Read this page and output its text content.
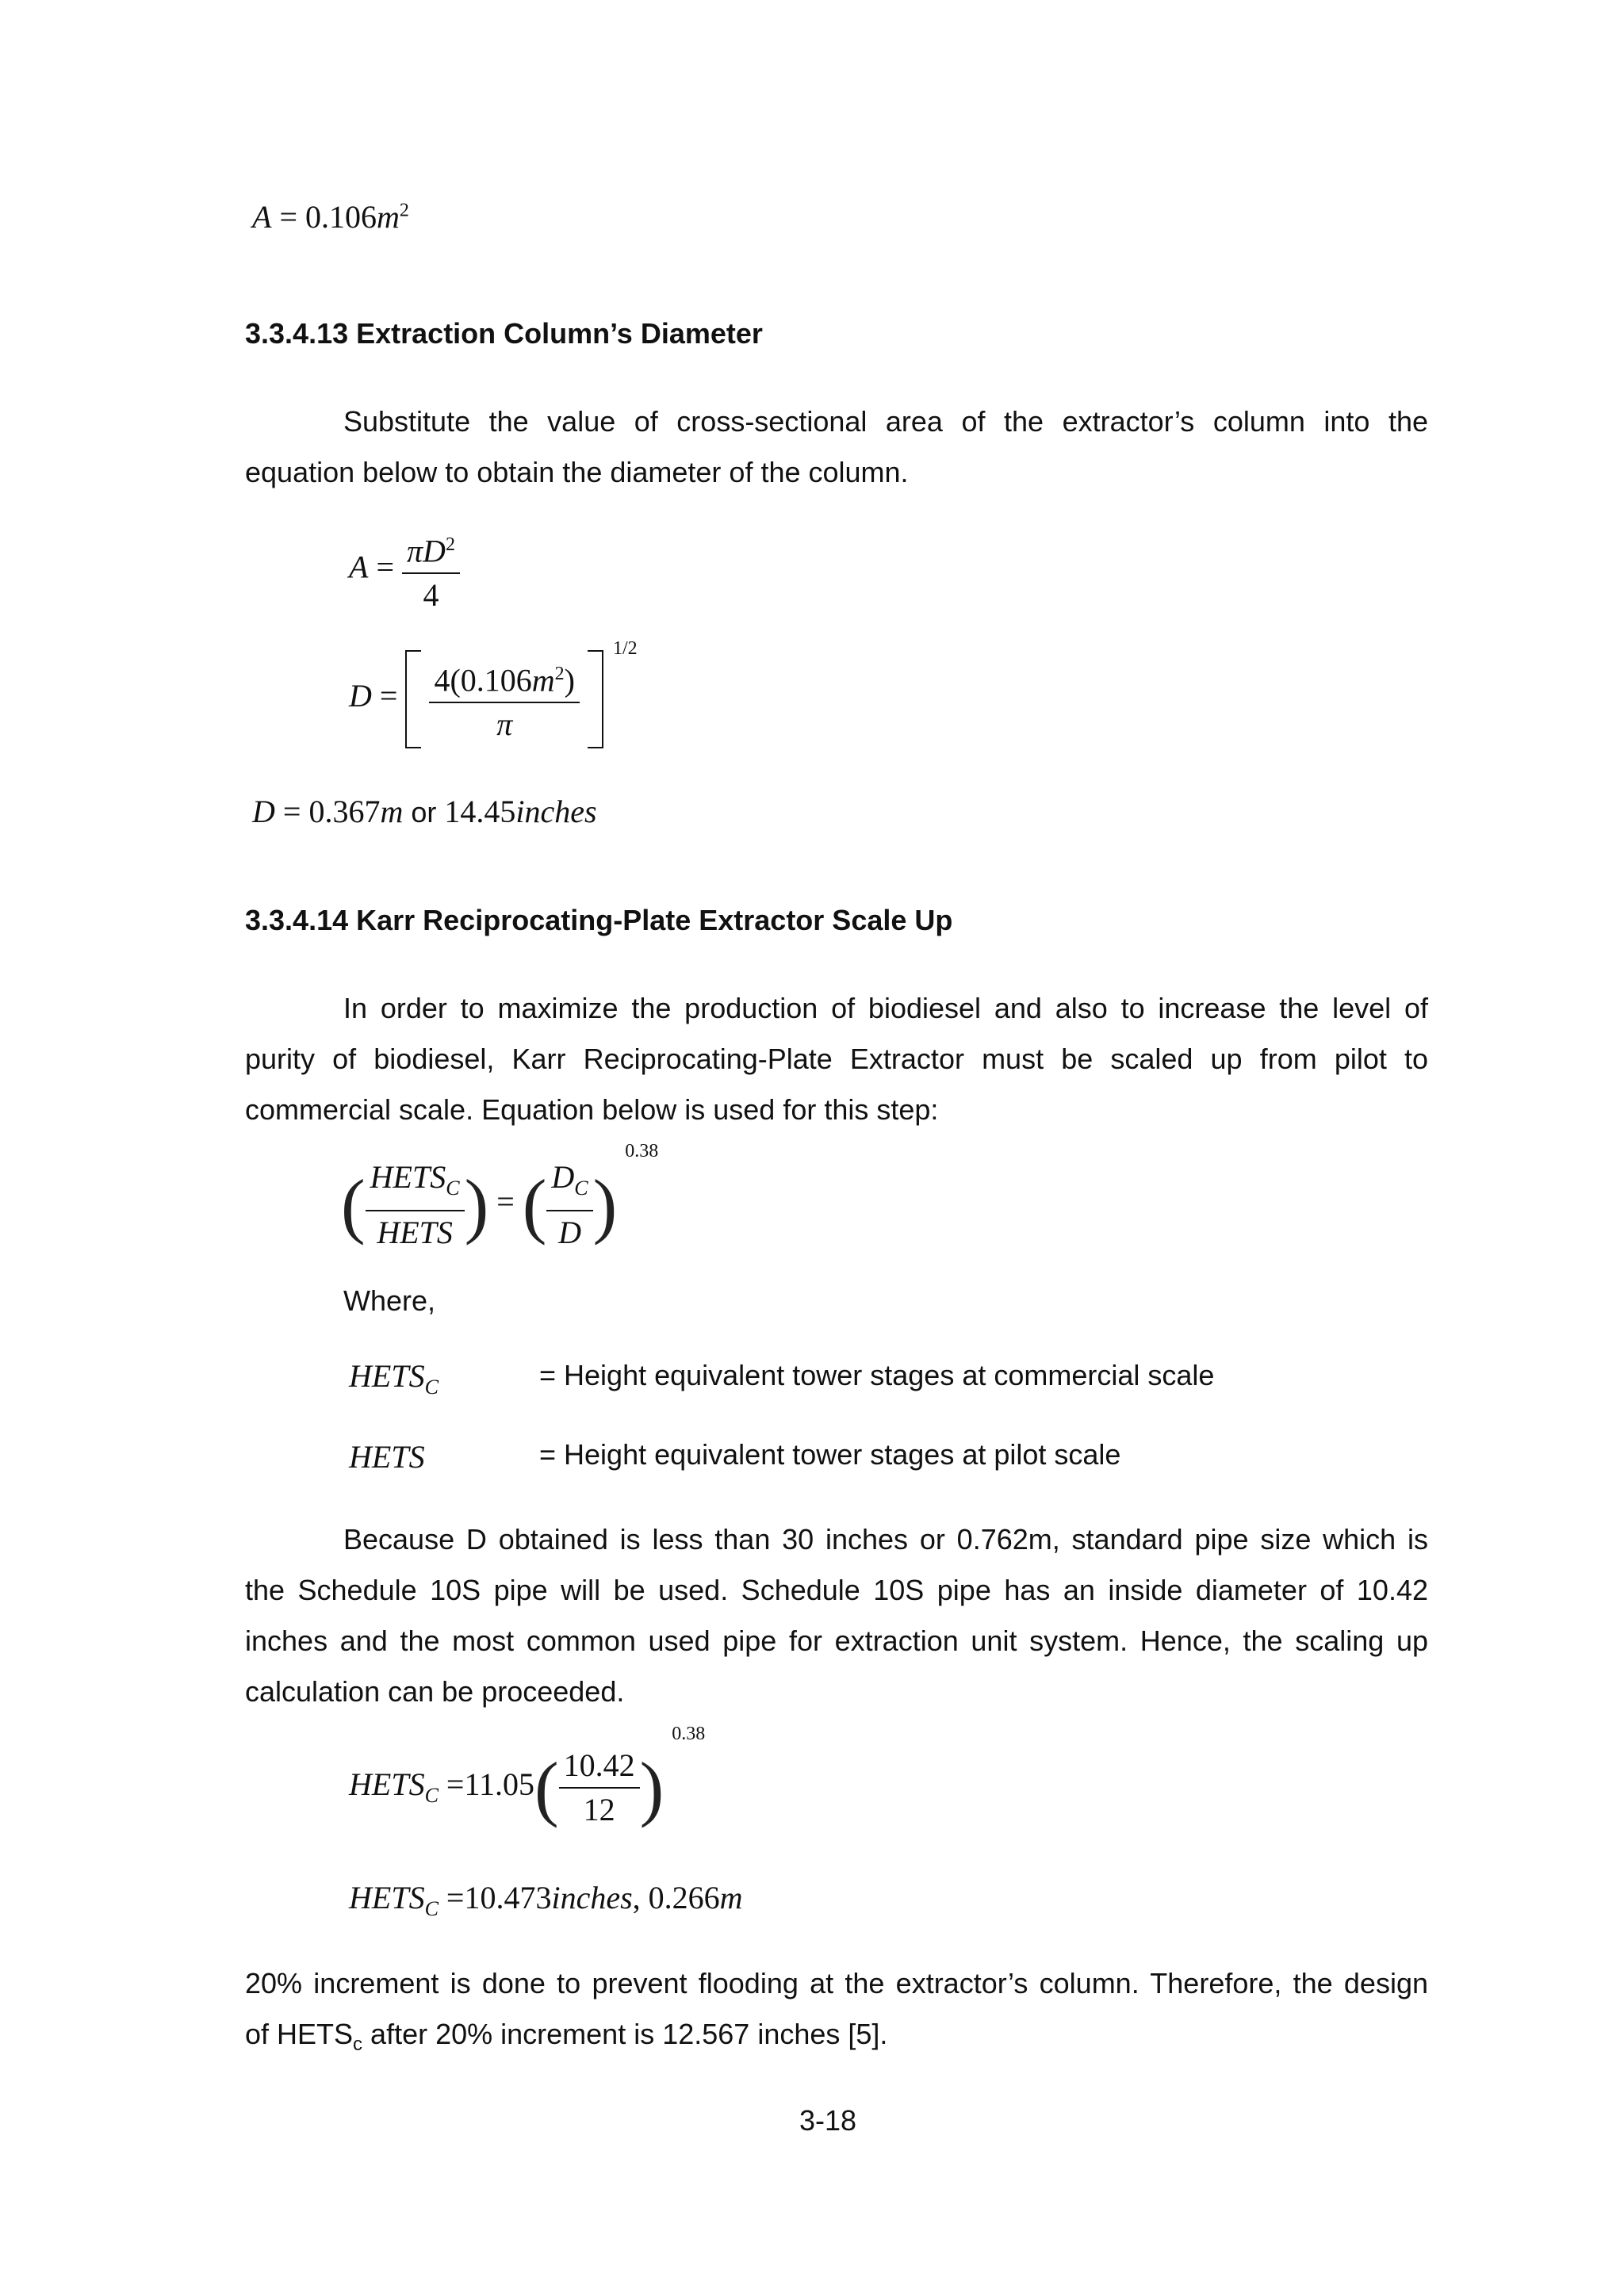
$A = 0.106m^2$
3.3.4.13 Extraction Column’s Diameter
Substitute the value of cross-sectional area of the extractor’s column into the
equation below to obtain the diameter of the column.
$A = \frac{\pi D^2}{4}$
$D = \frac{4(0.106m^2)}{\pi}$
$^{1/2}$
D = 0.367m or 14.45inches
3.3.4.14 Karr Reciprocating-Plate Extractor Scale Up
In order to maximize the production of biodiesel and also to increase the level of
purity of biodiesel, Karr Reciprocating-Plate Extractor must be scaled up from pilot to
commercial scale. Equation below is used for this step:
( $\frac{HETS_C}{\text{HETS}}$ ) = ( $\frac{D_C}{D}$ ) $^{0.38}$
Where,
$HETS_C$	= Height equivalent tower stages at commercial scale
HETS	= Height equivalent tower stages at pilot scale
Because D obtained is less than 30 inches or 0.762m, standard pipe size which is
the Schedule 10S pipe will be used. Schedule 10S pipe has an inside diameter of 10.42
inches and the most common used pipe for extraction unit system. Hence, the scaling up
calculation can be proceeded.
$HETS_C =11.05( \frac{10.42}{12}$ ) $^{0.38}$
$HETS_C$ =10.473inches, 0.266m
20% increment is done to prevent flooding at the extractor’s column. Therefore, the design
of $HETS_c$ after 20% increment is 12.567 inches [5].
3-18
